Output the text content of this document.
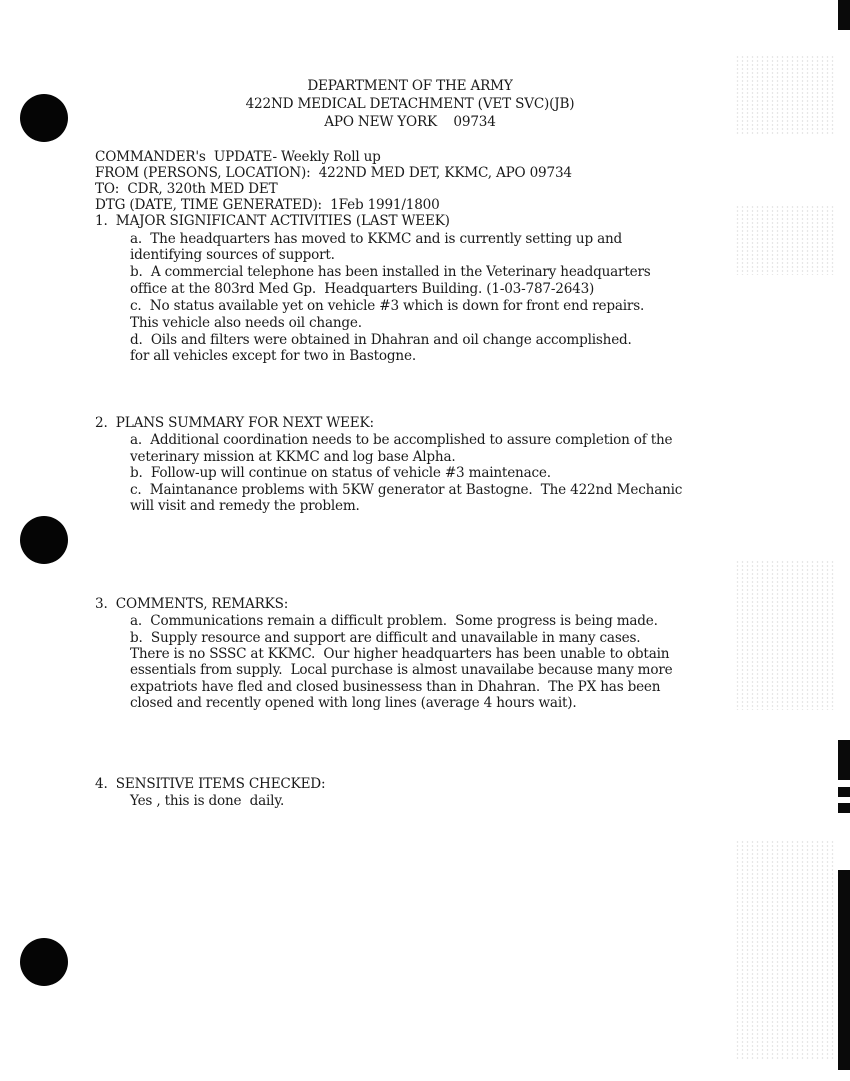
DEPARTMENT OF THE ARMY
422ND MEDICAL DETACHMENT (VET SVC)(JB)
APO NEW YORK    09734
COMMANDER's  UPDATE- Weekly Roll up
FROM (PERSONS, LOCATION):  422ND MED DET, KKMC, APO 09734
TO:  CDR, 320th MED DET
DTG (DATE, TIME GENERATED):  1Feb 1991/1800
1.  MAJOR SIGNIFICANT ACTIVITIES (LAST WEEK)
a.  The headquarters has moved to KKMC and is currently setting up and
identifying sources of support.
b.  A commercial telephone has been installed in the Veterinary headquarters
office at the 803rd Med Gp.  Headquarters Building. (1-03-787-2643)
c.  No status available yet on vehicle #3 which is down for front end repairs.
This vehicle also needs oil change.
d.  Oils and filters were obtained in Dhahran and oil change accomplished.
for all vehicles except for two in Bastogne.
2.  PLANS SUMMARY FOR NEXT WEEK:
a.  Additional coordination needs to be accomplished to assure completion of the
veterinary mission at KKMC and log base Alpha.
b.  Follow-up will continue on status of vehicle #3 maintenace.
c.  Maintanance problems with 5KW generator at Bastogne.  The 422nd Mechanic
will visit and remedy the problem.
3.  COMMENTS, REMARKS:
a.  Communications remain a difficult problem.  Some progress is being made.
b.  Supply resource and support are difficult and unavailable in many cases.
There is no SSSC at KKMC.  Our higher headquarters has been unable to obtain
essentials from supply.  Local purchase is almost unavailabe because many more
expatriots have fled and closed businessess than in Dhahran.  The PX has been
closed and recently opened with long lines (average 4 hours wait).
4.  SENSITIVE ITEMS CHECKED:
Yes , this is done  daily.
